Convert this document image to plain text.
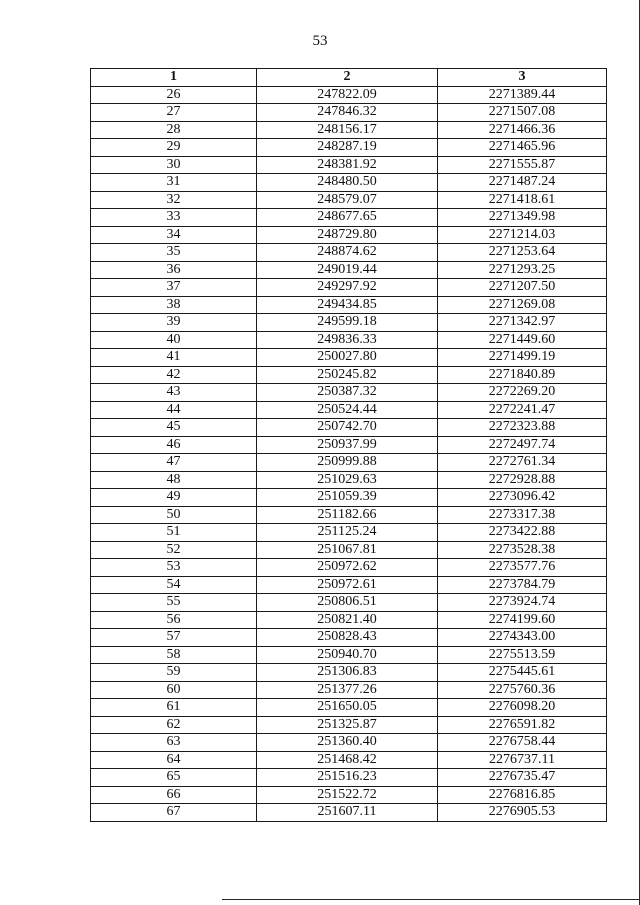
53
1	2	3
26	247822.09	2271389.44
27	247846.32	2271507.08
28	248156.17	2271466.36
29	248287.19	2271465.96
30	248381.92	2271555.87
31	248480.50	2271487.24
32	248579.07	2271418.61
33	248677.65	2271349.98
34	248729.80	2271214.03
35	248874.62	2271253.64
36	249019.44	2271293.25
37	249297.92	2271207.50
38	249434.85	2271269.08
39	249599.18	2271342.97
40	249836.33	2271449.60
41	250027.80	2271499.19
42	250245.82	2271840.89
43	250387.32	2272269.20
44	250524.44	2272241.47
45	250742.70	2272323.88
46	250937.99	2272497.74
47	250999.88	2272761.34
48	251029.63	2272928.88
49	251059.39	2273096.42
50	251182.66	2273317.38
51	251125.24	2273422.88
52	251067.81	2273528.38
53	250972.62	2273577.76
54	250972.61	2273784.79
55	250806.51	2273924.74
56	250821.40	2274199.60
57	250828.43	2274343.00
58	250940.70	2275513.59
59	251306.83	2275445.61
60	251377.26	2275760.36
61	251650.05	2276098.20
62	251325.87	2276591.82
63	251360.40	2276758.44
64	251468.42	2276737.11
65	251516.23	2276735.47
66	251522.72	2276816.85
67	251607.11	2276905.53
